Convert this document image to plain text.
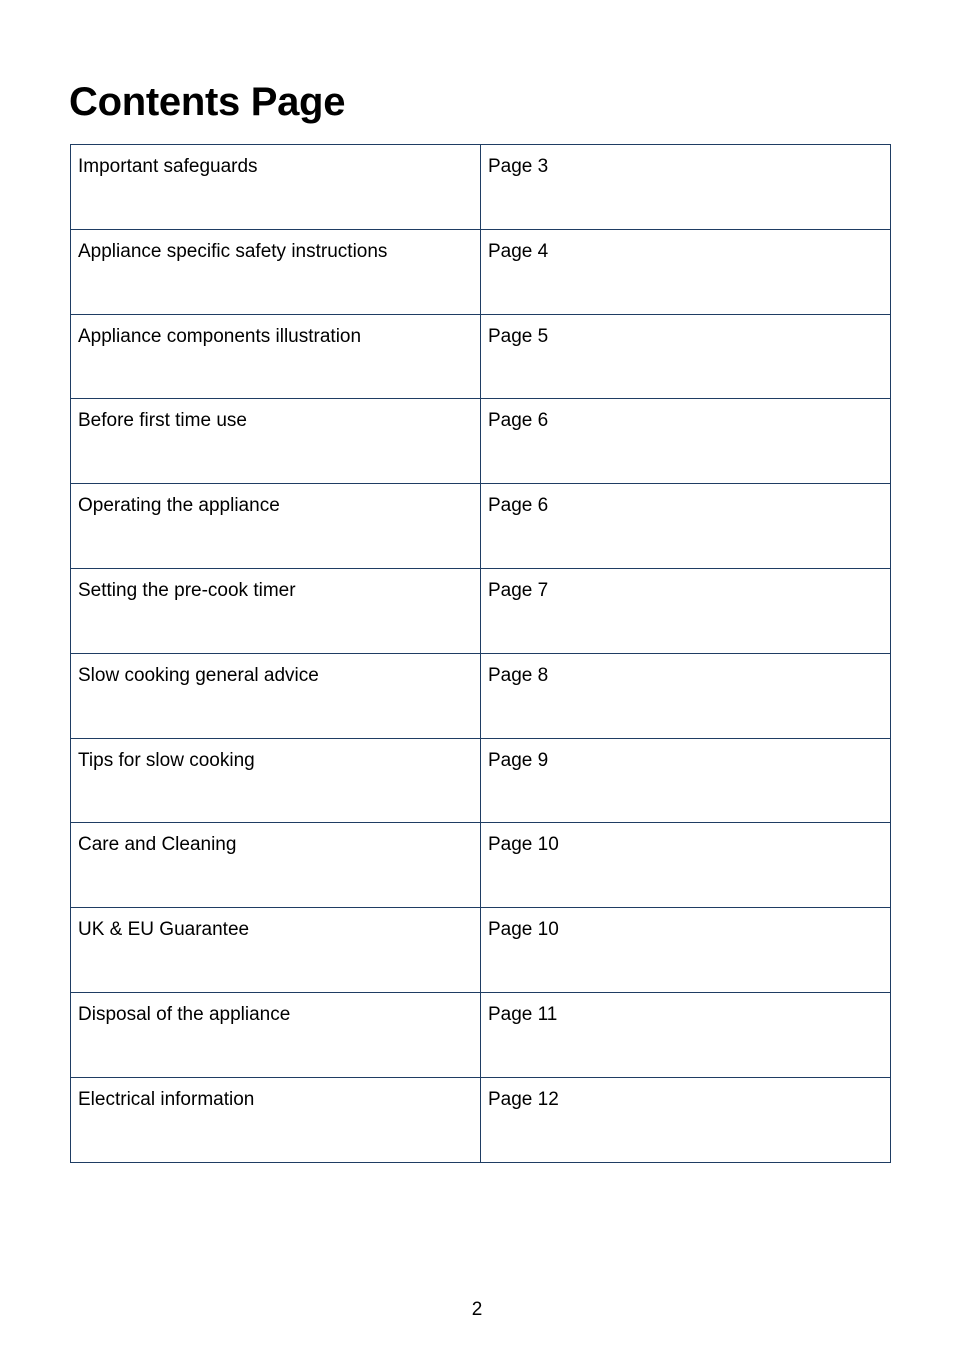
Contents Page
Important safeguards	Page 3
Appliance specific safety instructions	Page 4
Appliance components illustration	Page 5
Before first time use	Page 6
Operating the appliance	Page 6
Setting the pre-cook timer	Page 7
Slow cooking general advice	Page 8
Tips for slow cooking	Page 9
Care and Cleaning	Page 10
UK & EU Guarantee	Page 10
Disposal of the appliance	Page 11
Electrical information	Page 12
2
